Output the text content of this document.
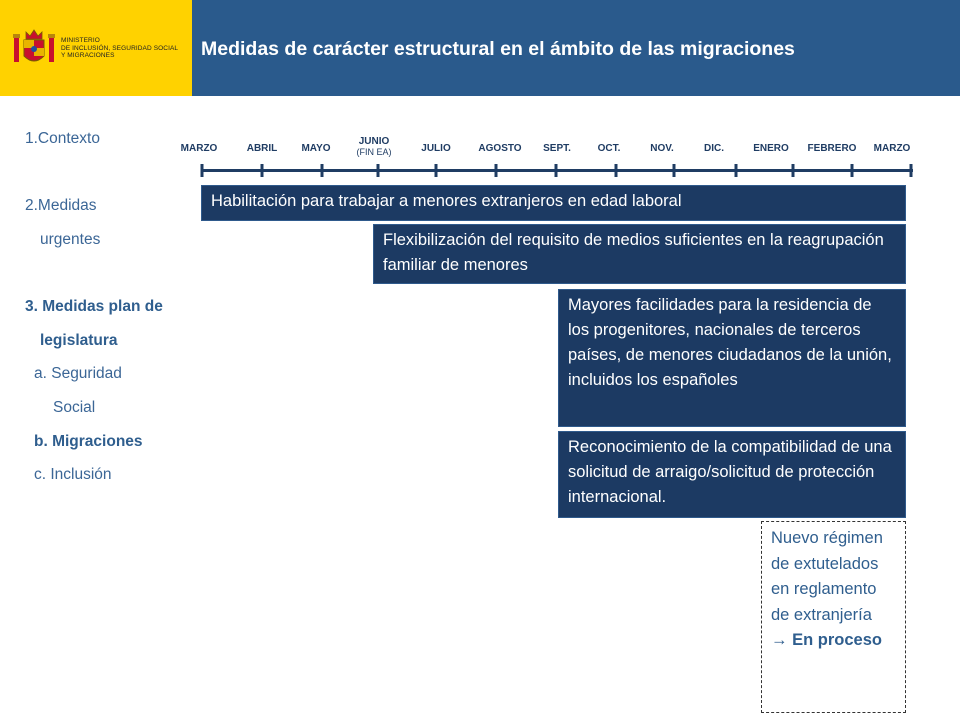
MINISTERIO
DE INCLUSIÓN, SEGURIDAD SOCIAL
Y MIGRACIONES	Medidas de carácter estructural en el ámbito de las migraciones
1.Contexto
2.Medidas
urgentes
3. Medidas plan de
legislatura
a. Seguridad
Social
b. Migraciones
c. Inclusión
MARZO	ABRIL MAYO
JUNIO
(FIN EA)	JULIO	AGOSTO SEPT.	OCT.	NOV.	DIC.	ENERO FEBRERO MARZO
Habilitación para trabajar a menores extranjeros en edad laboral
Flexibilización del requisito de medios suficientes en la reagrupación familiar de menores
Mayores facilidades para la residencia de los progenitores, nacionales de terceros países, de menores ciudadanos de la unión, incluidos los españoles
Reconocimiento de la compatibilidad de una solicitud de arraigo/solicitud de protección internacional.
Nuevo régimen de extutelados en reglamento de extranjería
→ En proceso
